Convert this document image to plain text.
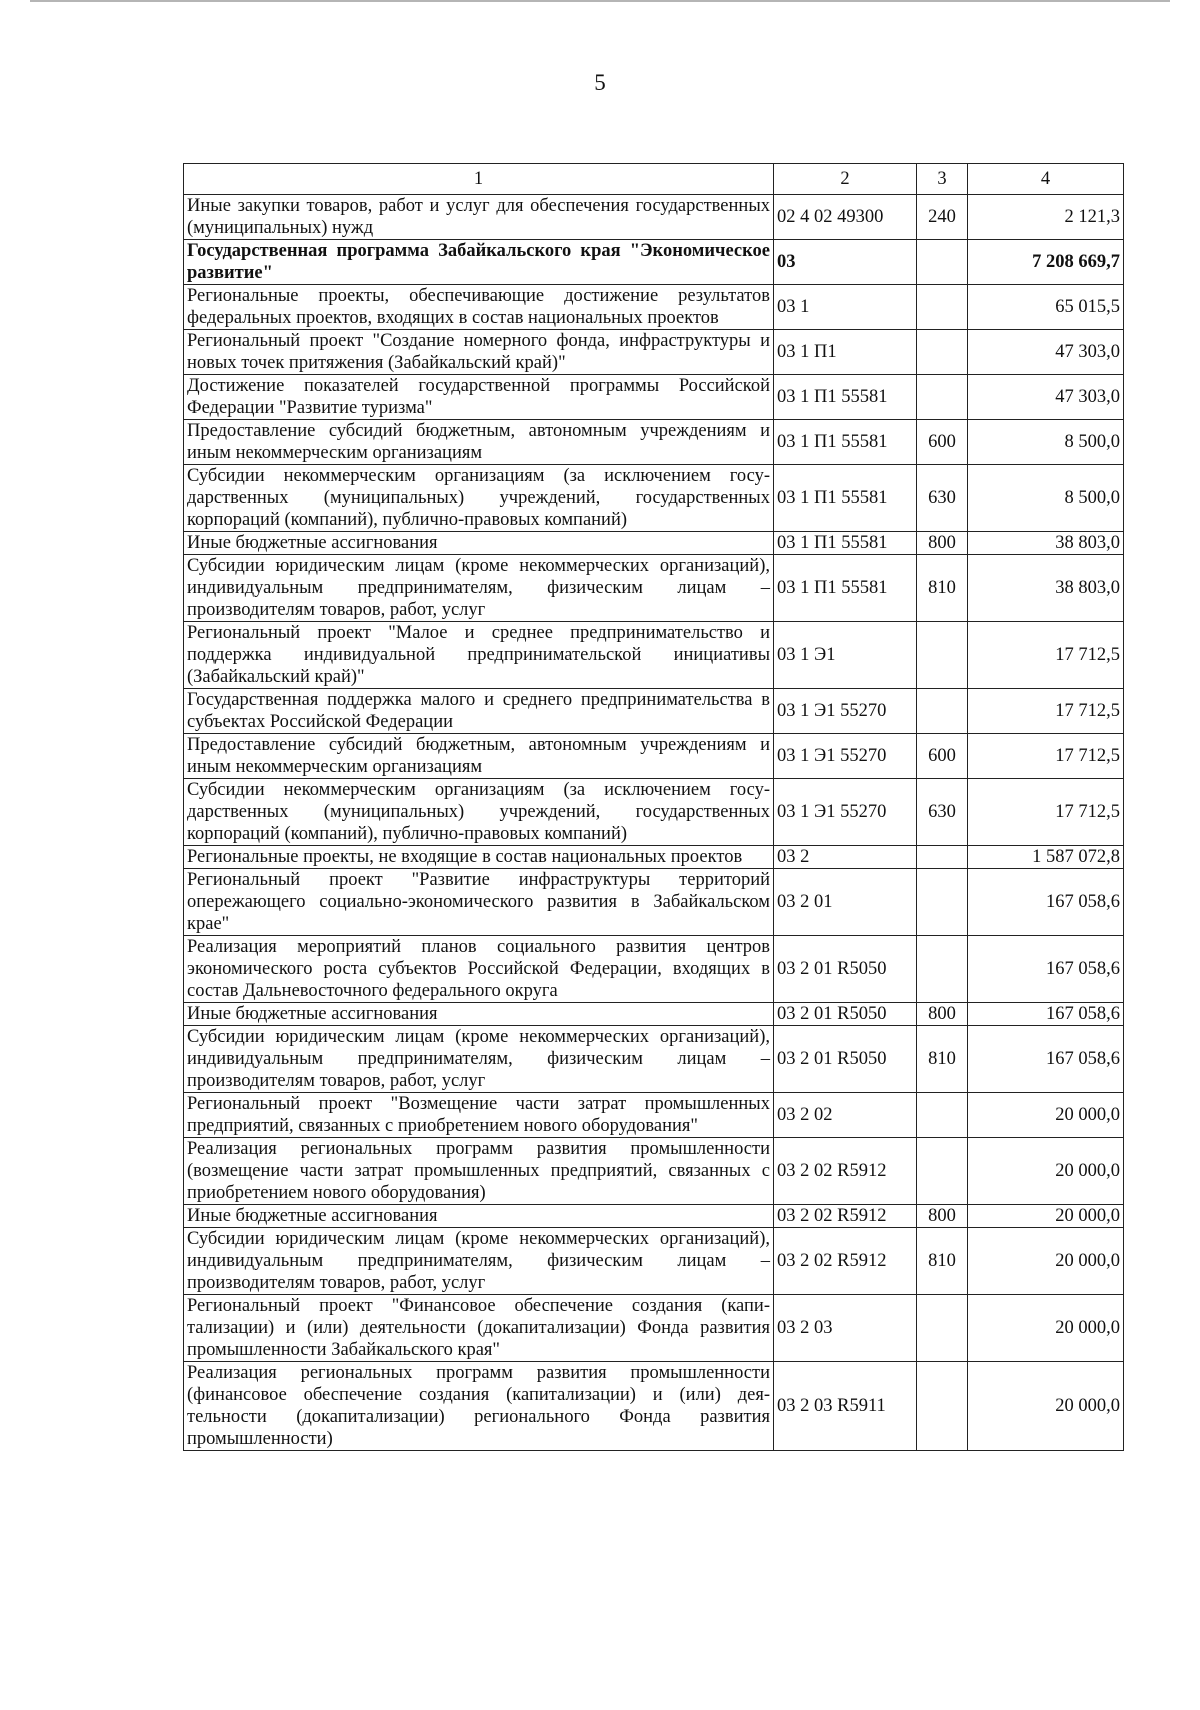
5
1	2	3	4
Иные закупки товаров, работ и услуг для обеспечения государственных (муниципальных) нужд	02 4 02 49300	240	2 121,3
Государственная программа Забайкальского края "Экономическое развитие"	03		7 208 669,7
Региональные проекты, обеспечивающие достижение результатов федеральных проектов, входящих в состав национальных проектов	03 1		65 015,5
Региональный проект "Создание номерного фонда, инфраструктуры и новых точек притяжения (Забайкальский край)"	03 1 П1		47 303,0
Достижение показателей государственной программы Российской Федерации "Развитие туризма"	03 1 П1 55581		47 303,0
Предоставление субсидий бюджетным, автономным учреждениям и иным некоммерческим организациям	03 1 П1 55581	600	8 500,0
Субсидии некоммерческим организациям (за исключением государственных (муниципальных) учреждений, государственных корпораций (компаний), публично-правовых компаний)	03 1 П1 55581	630	8 500,0
Иные бюджетные ассигнования	03 1 П1 55581	800	38 803,0
Субсидии юридическим лицам (кроме некоммерческих организаций), индивидуальным предпринимателям, физическим лицам – производителям товаров, работ, услуг	03 1 П1 55581	810	38 803,0
Региональный проект "Малое и среднее предпринимательство и поддержка индивидуальной предпринимательской инициативы (Забайкальский край)"	03 1 Э1		17 712,5
Государственная поддержка малого и среднего предпринимательства в субъектах Российской Федерации	03 1 Э1 55270		17 712,5
Предоставление субсидий бюджетным, автономным учреждениям и иным некоммерческим организациям	03 1 Э1 55270	600	17 712,5
Субсидии некоммерческим организациям (за исключением государственных (муниципальных) учреждений, государственных корпораций (компаний), публично-правовых компаний)	03 1 Э1 55270	630	17 712,5
Региональные проекты, не входящие в состав национальных проектов	03 2		1 587 072,8
Региональный проект "Развитие инфраструктуры территорий опережающего социально-экономического развития в Забайкальском крае"	03 2 01		167 058,6
Реализация мероприятий планов социального развития центров экономического роста субъектов Российской Федерации, входящих в состав Дальневосточного федерального округа	03 2 01 R5050		167 058,6
Иные бюджетные ассигнования	03 2 01 R5050	800	167 058,6
Субсидии юридическим лицам (кроме некоммерческих организаций), индивидуальным предпринимателям, физическим лицам – производителям товаров, работ, услуг	03 2 01 R5050	810	167 058,6
Региональный проект "Возмещение части затрат промышленных предприятий, связанных с приобретением нового оборудования"	03 2 02		20 000,0
Реализация региональных программ развития промышленности (возмещение части затрат промышленных предприятий, связанных с приобретением нового оборудования)	03 2 02 R5912		20 000,0
Иные бюджетные ассигнования	03 2 02 R5912	800	20 000,0
Субсидии юридическим лицам (кроме некоммерческих организаций), индивидуальным предпринимателям, физическим лицам – производителям товаров, работ, услуг	03 2 02 R5912	810	20 000,0
Региональный проект "Финансовое обеспечение создания (капитализации) и (или) деятельности (докапитализации) Фонда развития промышленности Забайкальского края"	03 2 03		20 000,0
Реализация региональных программ развития промышленности (финансовое обеспечение создания (капитализации) и (или) деятельности (докапитализации) регионального Фонда развития промышленности)	03 2 03 R5911		20 000,0
